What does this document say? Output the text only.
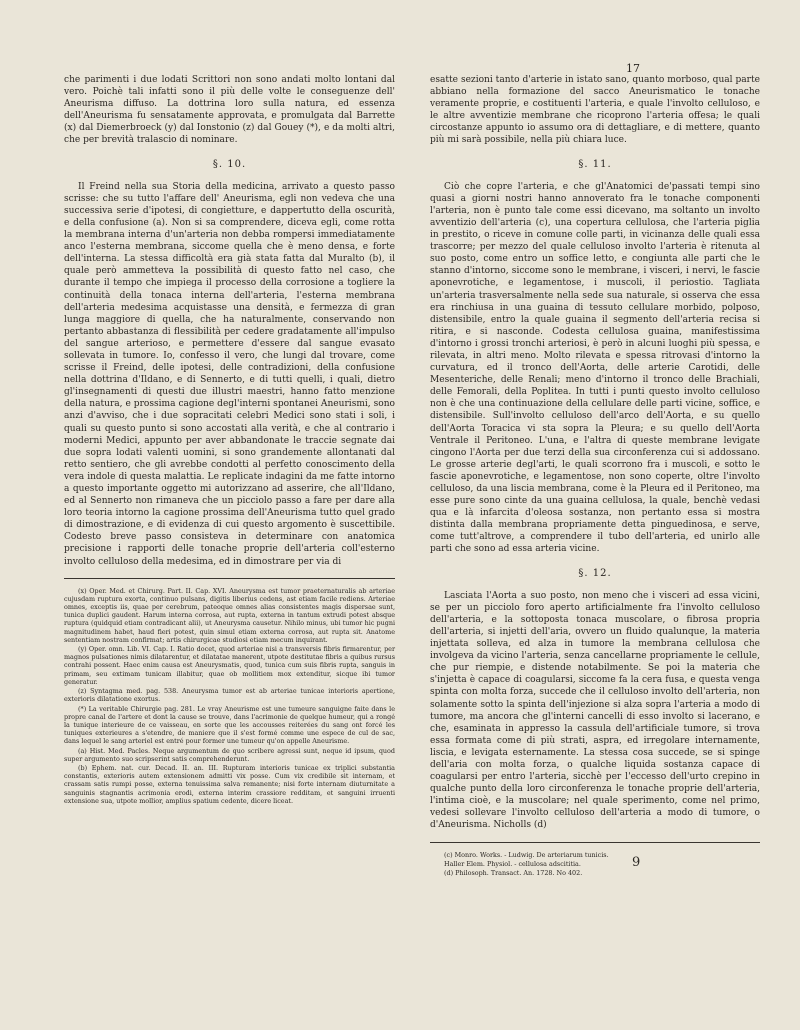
17

che parimenti i due lodati Scrittori non sono andati molto lontani dal vero. Poichè tali infatti sono il più delle volte le conseguenze dell' Aneurisma diffuso. La dottrina loro sulla natura, ed essenza dell'Aneurisma fu sensatamente approvata, e promulgata dal Barrette (x) dal Diemerbroeck (y) dal Ionstonio (z) dal Gouey (*), e da molti altri, che per brevità tralascio di nominare.

§. 10.

Il Freind nella sua Storia della medicina, arrivato a questo passo scrisse: che su tutto l'affare dell' Aneurisma, egli non vedeva che una successiva serie d'ipotesi, di congietture, e dappertutto della oscurità, e della confusione (a). Non si sa comprendere, diceva egli, come rotta la membrana interna d'un'arteria non debba rompersi immediatamente anco l'esterna membrana, siccome quella che è meno densa, e forte dell'interna. La stessa difficoltà era già stata fatta dal Muralto (b), il quale però ammetteva la possibilità di questo fatto nel caso, che durante il tempo che impiega il processo della corrosione a togliere la continuità della tonaca interna dell'arteria, l'esterna membrana dell'arteria medesima acquistasse una densità, e fermezza di gran lunga maggiore di quella, che ha naturalmente, conservando non pertanto abbastanza di flessibilità per cedere gradatamente all'impulso del sangue arterioso, e permettere d'essere dal sangue evasato sollevata in tumore. Io, confesso il vero, che lungi dal trovare, come scrisse il Freind, delle ipotesi, delle contradizioni, della confusione nella dottrina d'Ildano, e di Sennerto, e di tutti quelli, i quali, dietro gl'insegnamenti di questi due illustri maestri, hanno fatto menzione della natura, e prossima cagione degl'interni spontanei Aneurismi, sono anzi d'avviso, che i due sopracitati celebri Medici sono stati i soli, i quali su questo punto si sono accostati alla verità, e che al contrario i moderni Medici, appunto per aver abbandonate le traccie segnate dai due sopra lodati valenti uomini, si sono grandemente allontanati dal retto sentiero, che gli avrebbe condotti al perfetto conoscimento della vera indole di questa malattia. Le replicate indagini da me fatte intorno a questo importante oggetto mi autorizzano ad asserire, che all'Ildano, ed al Sennerto non rimaneva che un picciolo passo a fare per dare alla loro teoria intorno la cagione prossima dell'Aneurisma tutto quel grado di dimostrazione, e di evidenza di cui questo argomento è suscettibile. Codesto breve passo consisteva in determinare con anatomica precisione i rapporti delle tonache proprie dell'arteria coll'esterno involto celluloso della medesima, ed in dimostrare per via di

(x) Oper. Med. et Chirurg. Part. II. Cap. XVI. Aneurysma est tumor praeternaturalis ab arteriae cujusdam ruptura exorta, continuo pulsans, digitis liberius cedens, ast etiam facile rediens. Arteriae omnes, exceptis iis, quae per cerebrum, pateoque omnes alias consistentes magis dispersae sunt, tunica duplici gaudent. Harum interna corrosa, aut rupta, externa in tantum extrudi potest absque ruptura (quidquid etiam contradicant alii), ut Aneurysma causetur. Nihilo minus, ubi tumor hic pugni magnitudinem habet, haud fieri potest, quin simul etiam externa corrosa, aut rupta sit. Anatome sententiam nostram confirmat; artis chirurgicae studiosi etiam mecum inquirant.

(y) Oper. omn. Lib. VI. Cap. I. Ratio docet, quod arteriae nisi a transversis fibris firmarentur, per magnos pulsationes nimis dilatarentur, et dilatatae manerent, utpote destitutae fibris a quibus rursus contrahi possent. Haec enim causa est Aneurysmatis, quod, tunica cum suis fibris rupta, sanguis in primam, seu extimam tunicam illabitur, quae ob mollitiem mox extenditur, sicque ibi tumor generatur.

(z) Syntagma med. pag. 538. Aneurysma tumor est ab arteriae tunicae interioris apertione, exterioris dilatatione exortus.

(*) La veritable Chirurgie pag. 281. Le vray Aneurisme est une tumeure sanguigne faite dans le propre canal de l'artere et dont la cause se trouve, dans l'acrimonie de quelque humeur, qui a rongé la tunique interieure de ce vaisseau, en sorte que les accousses reiterées du sang ont forcé les tuniques exterieures a s'etendre, de maniere que il s'est formé comme une espece de cul de sac, dans lequel le sang arteriel est entré pour former une tumeur qu'on appelle Aneurisme.

(a) Hist. Med. Pacles. Neque argumentum de quo scribere agressi sunt, neque id ipsum, quod super argumento suo scripserint satis comprehenderunt.

(b) Ephem. nat. cur. Decad. II. an. III. Rupturam interioris tunicae ex triplici substantia constantis, exterioris autem extensionem admitti vix posse. Cum vix credibile sit internam, et crassam satis rumpi posse, externa tenuissima salva remanente; nisi forte internam diuturnitate a sanguinis stagnantis acrimonia erodi, externa interim crassiore redditam, et sanguini irruenti extensione sua, utpote mollior, amplius spatium cedente, dicere liceat.

esatte sezioni tanto d'arterie in istato sano, quanto morboso, qual parte abbiano nella formazione del sacco Aneurismatico le tonache veramente proprie, e costituenti l'arteria, e quale l'involto celluloso, e le altre avventizie membrane che ricoprono l'arteria offesa; le quali circostanze appunto io assumo ora di dettagliare, e di mettere, quanto più mi sarà possibile, nella più chiara luce.

§. 11.

Ciò che copre l'arteria, e che gl'Anatomici de'passati tempi sino quasi a giorni nostri hanno annoverato fra le tonache componenti l'arteria, non è punto tale come essi dicevano, ma soltanto un involto avventizio dell'arteria (c), una copertura cellulosa, che l'arteria piglia in prestito, o riceve in comune colle parti, in vicinanza delle quali essa trascorre; per mezzo del quale celluloso involto l'arteria è ritenuta al suo posto, come entro un soffice letto, e congiunta alle parti che le stanno d'intorno, siccome sono le membrane, i visceri, i nervi, le fascie aponevrotiche, e legamentose, i muscoli, il periostio. Tagliata un'arteria trasversalmente nella sede sua naturale, si osserva che essa era rinchiusa in una guaina di tessuto cellulare morbido, polposo, distensibile, entro la quale guaina il segmento dell'arteria recisa si ritira, e si nasconde. Codesta cellulosa guaina, manifestissima d'intorno i grossi tronchi arteriosi, è però in alcuni luoghi più spessa, e rilevata, in altri meno. Molto rilevata e spessa ritrovasi d'intorno la curvatura, ed il tronco dell'Aorta, delle arterie Carotidi, delle Mesenteriche, delle Renali; meno d'intorno il tronco delle Brachiali, delle Femorali, della Poplitea. In tutti i punti questo involto celluloso non è che una continuazione della cellulare delle parti vicine, soffice, e distensibile. Sull'involto celluloso dell'arco dell'Aorta, e su quello dell'Aorta Toracica vi sta sopra la Pleura; e su quello dell'Aorta Ventrale il Peritoneo. L'una, e l'altra di queste membrane levigate cingono l'Aorta per due terzi della sua circonferenza cui si addossano. Le grosse arterie degl'arti, le quali scorrono fra i muscoli, e sotto le fascie aponevrotiche, e legamentose, non sono coperte, oltre l'involto celluloso, da una liscia membrana, come è la Pleura ed il Peritoneo, ma esse pure sono cinte da una guaina cellulosa, la quale, benchè vedasi qua e là infarcita d'oleosa sostanza, non pertanto essa si mostra distinta dalla membrana propriamente detta pinguedinosa, e serve, come tutt'altrove, a comprendere il tubo dell'arteria, ed unirlo alle parti che sono ad essa arteria vicine.

§. 12.

Lasciata l'Aorta a suo posto, non meno che i visceri ad essa vicini, se per un picciolo foro aperto artificialmente fra l'involto celluloso dell'arteria, e la sottoposta tonaca muscolare, o fibrosa propria dell'arteria, si injetti dell'aria, ovvero un fluido qualunque, la materia injettata solleva, ed alza in tumore la membrana cellulosa che involgeva da vicino l'arteria, senza cancellarne propriamente le cellule, che pur riempie, e distende notabilmente. Se poi la materia che s'injetta è capace di coagularsi, siccome fa la cera fusa, e questa venga spinta con molta forza, succede che il celluloso involto dell'arteria, non solamente sotto la spinta dell'injezione si alza sopra l'arteria a modo di tumore, ma ancora che gl'interni cancelli di esso involto si lacerano, e che, esaminata in appresso la cassula dell'artificiale tumore, si trova essa formata come di più strati, aspra, ed irregolare internamente, liscia, e levigata esternamente. La stessa cosa succede, se si spinge dell'aria con molta forza, o qualche liquida sostanza capace di coagularsi per entro l'arteria, sicchè per l'eccesso dell'urto crepino in qualche punto della loro circonferenza le tonache proprie dell'arteria, l'intima cioè, e la muscolare; nel quale sperimento, come nel primo, vedesi sollevare l'involto celluloso dell'arteria a modo di tumore, o d'Aneurisma. Nicholls (d)

(c) Monro. Works. - Ludwig. De arteriarum tunicis.

Haller Elem. Physiol. - cellulosa adscititia.

(d) Philosoph. Transact. An. 1728. No 402.

9
